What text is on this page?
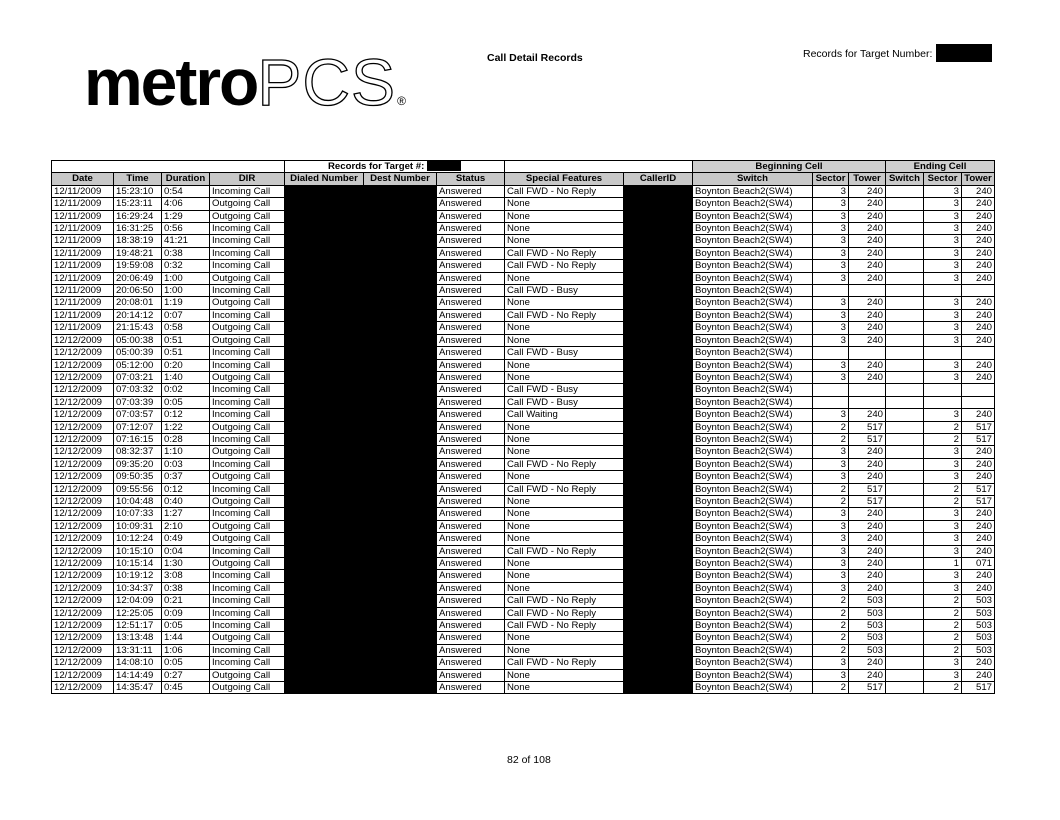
metroPCS®
Call Detail Records	Records for Target Number:
				Records for Target #:					Beginning Cell			Ending Cell		
Date	Time	Duration	DIR	Dialed Number	Dest Number	Status	Special Features	CallerID	Switch	Sector	Tower	Switch	Sector	Tower
12/11/2009	15:23:10	0:54	Incoming Call			Answered	Call FWD - No Reply		Boynton Beach2(SW4)	3	240		3	240
12/11/2009	15:23:11	4:06	Outgoing Call			Answered	None		Boynton Beach2(SW4)	3	240		3	240
12/11/2009	16:29:24	1:29	Outgoing Call			Answered	None		Boynton Beach2(SW4)	3	240		3	240
12/11/2009	16:31:25	0:56	Incoming Call			Answered	None		Boynton Beach2(SW4)	3	240		3	240
12/11/2009	18:38:19	41:21	Incoming Call			Answered	None		Boynton Beach2(SW4)	3	240		3	240
12/11/2009	19:48:21	0:38	Incoming Call			Answered	Call FWD - No Reply		Boynton Beach2(SW4)	3	240		3	240
12/11/2009	19:59:08	0:32	Incoming Call			Answered	Call FWD - No Reply		Boynton Beach2(SW4)	3	240		3	240
12/11/2009	20:06:49	1:00	Outgoing Call			Answered	None		Boynton Beach2(SW4)	3	240		3	240
12/11/2009	20:06:50	1:00	Incoming Call			Answered	Call FWD - Busy		Boynton Beach2(SW4)					
12/11/2009	20:08:01	1:19	Outgoing Call			Answered	None		Boynton Beach2(SW4)	3	240		3	240
12/11/2009	20:14:12	0:07	Incoming Call			Answered	Call FWD - No Reply		Boynton Beach2(SW4)	3	240		3	240
12/11/2009	21:15:43	0:58	Outgoing Call			Answered	None		Boynton Beach2(SW4)	3	240		3	240
12/12/2009	05:00:38	0:51	Outgoing Call			Answered	None		Boynton Beach2(SW4)	3	240		3	240
12/12/2009	05:00:39	0:51	Incoming Call			Answered	Call FWD - Busy		Boynton Beach2(SW4)					
12/12/2009	05:12:00	0:20	Incoming Call			Answered	None		Boynton Beach2(SW4)	3	240		3	240
12/12/2009	07:03:21	1:40	Outgoing Call			Answered	None		Boynton Beach2(SW4)	3	240		3	240
12/12/2009	07:03:32	0:02	Incoming Call			Answered	Call FWD - Busy		Boynton Beach2(SW4)					
12/12/2009	07:03:39	0:05	Incoming Call			Answered	Call FWD - Busy		Boynton Beach2(SW4)					
12/12/2009	07:03:57	0:12	Incoming Call			Answered	Call Waiting		Boynton Beach2(SW4)	3	240		3	240
12/12/2009	07:12:07	1:22	Outgoing Call			Answered	None		Boynton Beach2(SW4)	2	517		2	517
12/12/2009	07:16:15	0:28	Incoming Call			Answered	None		Boynton Beach2(SW4)	2	517		2	517
12/12/2009	08:32:37	1:10	Outgoing Call			Answered	None		Boynton Beach2(SW4)	3	240		3	240
12/12/2009	09:35:20	0:03	Incoming Call			Answered	Call FWD - No Reply		Boynton Beach2(SW4)	3	240		3	240
12/12/2009	09:50:35	0:37	Outgoing Call			Answered	None		Boynton Beach2(SW4)	3	240		3	240
12/12/2009	09:55:56	0:12	Incoming Call			Answered	Call FWD - No Reply		Boynton Beach2(SW4)	2	517		2	517
12/12/2009	10:04:48	0:40	Outgoing Call			Answered	None		Boynton Beach2(SW4)	2	517		2	517
12/12/2009	10:07:33	1:27	Incoming Call			Answered	None		Boynton Beach2(SW4)	3	240		3	240
12/12/2009	10:09:31	2:10	Outgoing Call			Answered	None		Boynton Beach2(SW4)	3	240		3	240
12/12/2009	10:12:24	0:49	Outgoing Call			Answered	None		Boynton Beach2(SW4)	3	240		3	240
12/12/2009	10:15:10	0:04	Incoming Call			Answered	Call FWD - No Reply		Boynton Beach2(SW4)	3	240		3	240
12/12/2009	10:15:14	1:30	Outgoing Call			Answered	None		Boynton Beach2(SW4)	3	240		1	071
12/12/2009	10:19:12	3:08	Incoming Call			Answered	None		Boynton Beach2(SW4)	3	240		3	240
12/12/2009	10:34:37	0:38	Incoming Call			Answered	None		Boynton Beach2(SW4)	3	240		3	240
12/12/2009	12:04:09	0:21	Incoming Call			Answered	Call FWD - No Reply		Boynton Beach2(SW4)	2	503		2	503
12/12/2009	12:25:05	0:09	Incoming Call			Answered	Call FWD - No Reply		Boynton Beach2(SW4)	2	503		2	503
12/12/2009	12:51:17	0:05	Incoming Call			Answered	Call FWD - No Reply		Boynton Beach2(SW4)	2	503		2	503
12/12/2009	13:13:48	1:44	Outgoing Call			Answered	None		Boynton Beach2(SW4)	2	503		2	503
12/12/2009	13:31:11	1:06	Incoming Call			Answered	None		Boynton Beach2(SW4)	2	503		2	503
12/12/2009	14:08:10	0:05	Incoming Call			Answered	Call FWD - No Reply		Boynton Beach2(SW4)	3	240		3	240
12/12/2009	14:14:49	0:27	Outgoing Call			Answered	None		Boynton Beach2(SW4)	3	240		3	240
12/12/2009	14:35:47	0:45	Outgoing Call			Answered	None		Boynton Beach2(SW4)	2	517		2	517
82 of 108
